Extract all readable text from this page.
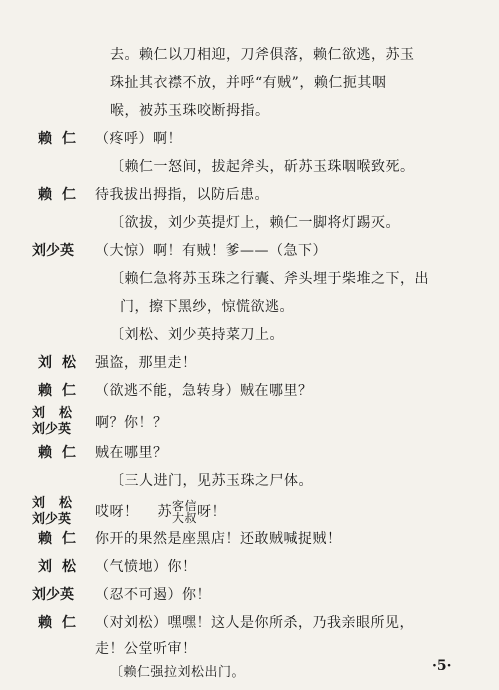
去。赖仁以刀相迎，刀斧俱落，赖仁欲逃，苏玉
珠扯其衣襟不放，并呼“有贼”，赖仁扼其咽
喉，被苏玉珠咬断拇指。
赖仁 （疼呼）啊！
〔赖仁一怒间，拔起斧头，斫苏玉珠咽喉致死。
赖仁 待我拔出拇指，以防后患。
〔欲拔，刘少英提灯上，赖仁一脚将灯踢灭。
刘少英 （大惊）啊！有贼！爹——（急下）
〔赖仁急将苏玉珠之行囊、斧头埋于柴堆之下，出
门，擦下黑纱，惊慌欲逃。
〔刘松、刘少英持菜刀上。
刘松 强盗，那里走！
赖仁 （欲逃不能，急转身）贼在哪里？
刘松
刘少英	啊？你！？
赖仁 贼在哪里？
〔三人进门，见苏玉珠之尸体。
刘松
刘少英	哎呀！ 苏 客信
大叔 呀！
赖仁 你开的果然是座黑店！还敢贼喊捉贼！
刘松 （气愤地）你！
刘少英 （忍不可遏）你！
赖仁 （对刘松）嘿嘿！这人是你所杀，乃我亲眼所见，
走！公堂听审！
〔赖仁强拉刘松出门。	·5·
